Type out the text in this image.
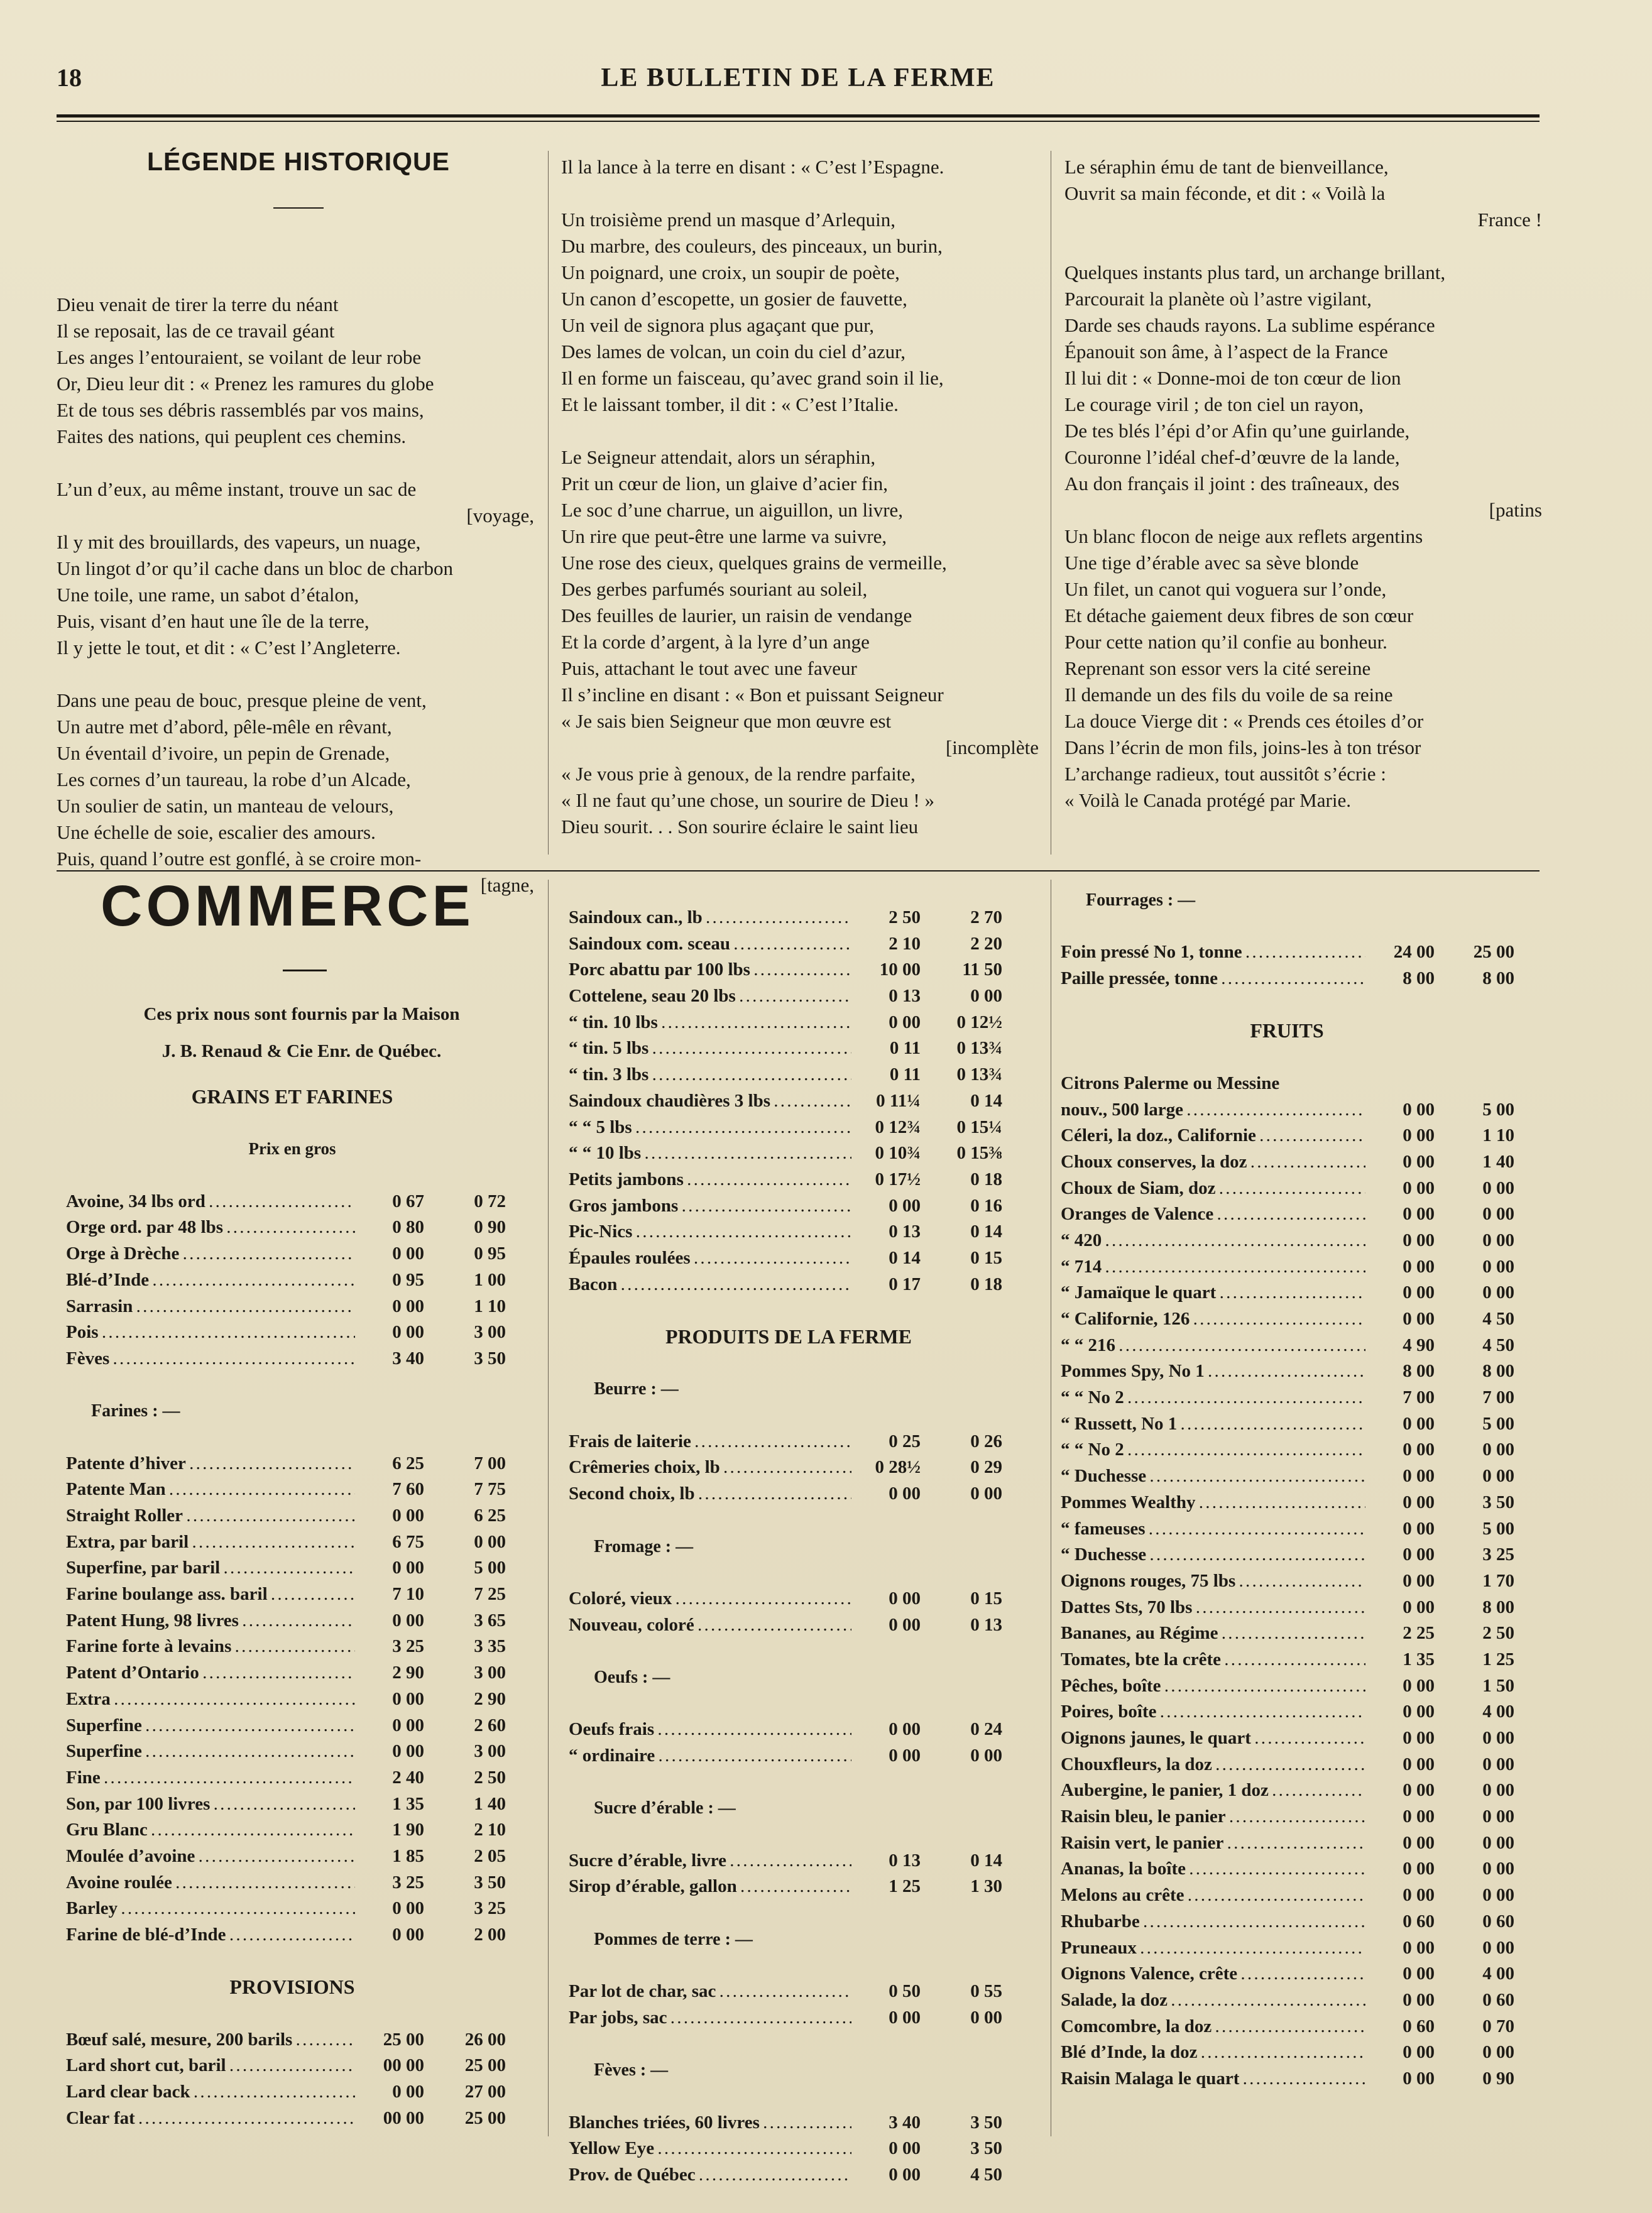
18	LE BULLETIN DE LA FERME
LÉGENDE HISTORIQUE
Dieu venait de tirer la terre du néant
Il se reposait, las de ce travail géant
Les anges l’entouraient, se voilant de leur robe
Or, Dieu leur dit : « Prenez les ramures du globe
Et de tous ses débris rassemblés par vos mains,
Faites des nations, qui peuplent ces chemins.
L’un d’eux, au même instant, trouve un sac de
[voyage,
Il y mit des brouillards, des vapeurs, un nuage,
Un lingot d’or qu’il cache dans un bloc de charbon
Une toile, une rame, un sabot d’étalon,
Puis, visant d’en haut une île de la terre,
Il y jette le tout, et dit : « C’est l’Angleterre.
Dans une peau de bouc, presque pleine de vent,
Un autre met d’abord, pêle-mêle en rêvant,
Un éventail d’ivoire, un pepin de Grenade,
Les cornes d’un taureau, la robe d’un Alcade,
Un soulier de satin, un manteau de velours,
Une échelle de soie, escalier des amours.
Puis, quand l’outre est gonflé, à se croire mon-
[tagne,
Il la lance à la terre en disant : « C’est l’Espagne.
Un troisième prend un masque d’Arlequin,
Du marbre, des couleurs, des pinceaux, un burin,
Un poignard, une croix, un soupir de poète,
Un canon d’escopette, un gosier de fauvette,
Un veil de signora plus agaçant que pur,
Des lames de volcan, un coin du ciel d’azur,
Il en forme un faisceau, qu’avec grand soin il lie,
Et le laissant tomber, il dit : « C’est l’Italie.
Le Seigneur attendait, alors un séraphin,
Prit un cœur de lion, un glaive d’acier fin,
Le soc d’une charrue, un aiguillon, un livre,
Un rire que peut-être une larme va suivre,
Une rose des cieux, quelques grains de vermeille,
Des gerbes parfumés souriant au soleil,
Des feuilles de laurier, un raisin de vendange
Et la corde d’argent, à la lyre d’un ange
Puis, attachant le tout avec une faveur
Il s’incline en disant : « Bon et puissant Seigneur
« Je sais bien Seigneur que mon œuvre est
[incomplète
« Je vous prie à genoux, de la rendre parfaite,
« Il ne faut qu’une chose, un sourire de Dieu ! »
Dieu sourit. . . Son sourire éclaire le saint lieu
Le séraphin ému de tant de bienveillance,
Ouvrit sa main féconde, et dit : « Voilà la
France !
Quelques instants plus tard, un archange brillant,
Parcourait la planète où l’astre vigilant,
Darde ses chauds rayons. La sublime espérance
Épanouit son âme, à l’aspect de la France
Il lui dit : « Donne-moi de ton cœur de lion
Le courage viril ; de ton ciel un rayon,
De tes blés l’épi d’or Afin qu’une guirlande,
Couronne l’idéal chef-d’œuvre de la lande,
Au don français il joint : des traîneaux, des
[patins
Un blanc flocon de neige aux reflets argentins
Une tige d’érable avec sa sève blonde
Un filet, un canot qui voguera sur l’onde,
Et détache gaiement deux fibres de son cœur
Pour cette nation qu’il confie au bonheur.
Reprenant son essor vers la cité sereine
Il demande un des fils du voile de sa reine
La douce Vierge dit : « Prends ces étoiles d’or
Dans l’écrin de mon fils, joins-les à ton trésor
L’archange radieux, tout aussitôt s’écrie :
« Voilà le Canada protégé par Marie.
COMMERCE
Ces prix nous sont fournis par la Maison
J. B. Renaud & Cie Enr. de Québec.
GRAINS ET FARINES
Prix en gros
Avoine, 34 lbs ord . . .	0 67	0 72
Orge ord. par 48 lbs . . .	0 80	0 90
Orge à Drèche . . .	0 00	0 95
Blé-d’Inde . . .	0 95	1 00
Sarrasin . . .	0 00	1 10
Pois . . .	0 00	3 00
Fèves . . .	3 40	3 50
Farines : —
Patente d’hiver . . .	6 25	7 00
Patente Man . . .	7 60	7 75
Straight Roller . . .	0 00	6 25
Extra, par baril . . .	6 75	0 00
Superfine, par baril . . .	0 00	5 00
Farine boulange ass. baril . . .	7 10	7 25
Patent Hung, 98 livres . . .	0 00	3 65
Farine forte à levains . . .	3 25	3 35
Patent d’Ontario . . .	2 90	3 00
Extra . . .	0 00	2 90
Superfine . . .	0 00	2 60
Superfine . . .	0 00	3 00
Fine . . .	2 40	2 50
Son, par 100 livres . . .	1 35	1 40
Gru Blanc . . .	1 90	2 10
Moulée d’avoine . . .	1 85	2 05
Avoine roulée . . .	3 25	3 50
Barley . . .	0 00	3 25
Farine de blé-d’Inde . . .	0 00	2 00
PROVISIONS
Bœuf salé, mesure, 200 barils . . .	25 00	26 00
Lard short cut, baril . . .	00 00	25 00
Lard clear back . . .	0 00	27 00
Clear fat . . .	00 00	25 00
Saindoux can., lb . . .	2 50	2 70
Saindoux com. sceau . . .	2 10	2 20
Porc abattu par 100 lbs . . .	10 00	11 50
Cottelene, seau 20 lbs . . .	0 13	0 00
“ tin. 10 lbs . . .	0 00	0 12½
“ tin. 5 lbs . . .	0 11	0 13¾
“ tin. 3 lbs . . .	0 11	0 13¾
Saindoux chaudières 3 lbs . . .	0 11¼	0 14
“ “ 5 lbs . . .	0 12¾	0 15¼
“ “ 10 lbs . . .	0 10¾	0 15⅜
Petits jambons . . .	0 17½	0 18
Gros jambons . . .	0 00	0 16
Pic-Nics . . .	0 13	0 14
Épaules roulées . . .	0 14	0 15
Bacon . . .	0 17	0 18
PRODUITS DE LA FERME
Beurre : —
Frais de laiterie . . .	0 25	0 26
Crêmeries choix, lb . . .	0 28½	0 29
Second choix, lb . . .	0 00	0 00
Fromage : —
Coloré, vieux . . .	0 00	0 15
Nouveau, coloré . . .	0 00	0 13
Oeufs : —
Oeufs frais . . .	0 00	0 24
“ ordinaire . . .	0 00	0 00
Sucre d’érable : —
Sucre d’érable, livre . . .	0 13	0 14
Sirop d’érable, gallon . . .	1 25	1 30
Pommes de terre : —
Par lot de char, sac . . .	0 50	0 55
Par jobs, sac . . .	0 00	0 00
Fèves : —
Blanches triées, 60 livres . . .	3 40	3 50
Yellow Eye . . .	0 00	3 50
Prov. de Québec . . .	0 00	4 50
Fourrages : —
Foin pressé No 1, tonne . . .	24 00	25 00
Paille pressée, tonne . . .	8 00	8 00
FRUITS
Citrons Palerme ou Messine
nouv., 500 large . . .	0 00	5 00
Céleri, la doz., Californie . . .	0 00	1 10
Choux conserves, la doz . . .	0 00	1 40
Choux de Siam, doz . . .	0 00	0 00
Oranges de Valence . . .	0 00	0 00
“ 420 . . .	0 00	0 00
“ 714 . . .	0 00	0 00
“ Jamaïque le quart . . .	0 00	0 00
“ Californie, 126 . . .	0 00	4 50
“ “ 216 . . .	4 90	4 50
Pommes Spy, No 1 . . .	8 00	8 00
“ “ No 2 . . .	7 00	7 00
“ Russett, No 1 . . .	0 00	5 00
“ “ No 2 . . .	0 00	0 00
“ Duchesse . . .	0 00	0 00
Pommes Wealthy . . .	0 00	3 50
“ fameuses . . .	0 00	5 00
“ Duchesse . . .	0 00	3 25
Oignons rouges, 75 lbs . . .	0 00	1 70
Dattes Sts, 70 lbs . . .	0 00	8 00
Bananes, au Régime . . .	2 25	2 50
Tomates, bte la crête . . .	1 35	1 25
Pêches, boîte . . .	0 00	1 50
Poires, boîte . . .	0 00	4 00
Oignons jaunes, le quart . . .	0 00	0 00
Chouxfleurs, la doz . . .	0 00	0 00
Aubergine, le panier, 1 doz . . .	0 00	0 00
Raisin bleu, le panier . . .	0 00	0 00
Raisin vert, le panier . . .	0 00	0 00
Ananas, la boîte . . .	0 00	0 00
Melons au crête . . .	0 00	0 00
Rhubarbe . . .	0 60	0 60
Pruneaux . . .	0 00	0 00
Oignons Valence, crête . . .	0 00	4 00
Salade, la doz . . .	0 00	0 60
Comcombre, la doz . . .	0 60	0 70
Blé d’Inde, la doz . . .	0 00	0 00
Raisin Malaga le quart . . .	0 00	0 90
